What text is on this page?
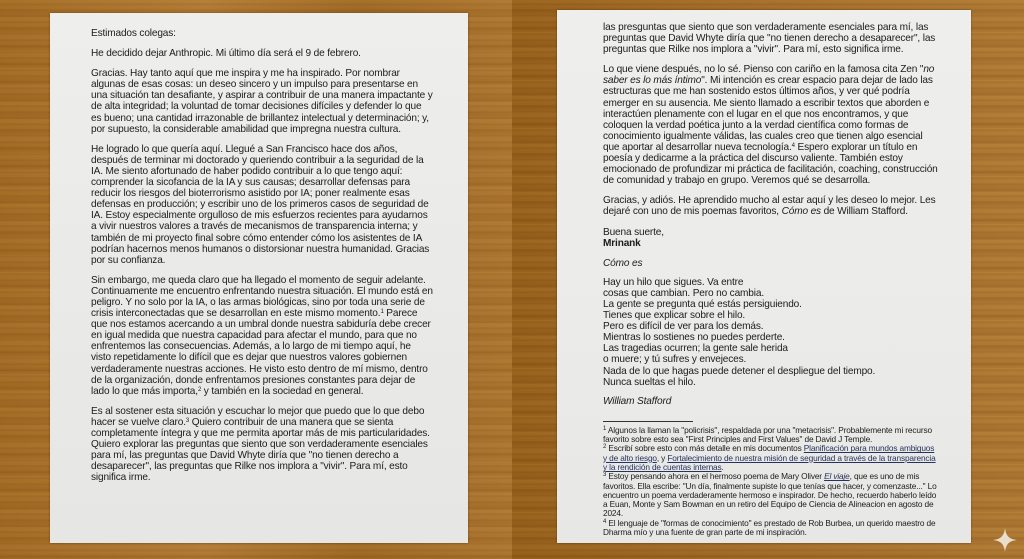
Estimados colegas:

He decidido dejar Anthropic. Mi último día será el 9 de febrero.

Gracias. Hay tanto aquí que me inspira y me ha inspirado. Por nombrar algunas de esas cosas: un deseo sincero y un impulso para presentarse en una situación tan desafiante, y aspirar a contribuir de una manera impactante y de alta integridad; la voluntad de tomar decisiones difíciles y defender lo que es bueno; una cantidad irrazonable de brillantez intelectual y determinación; y, por supuesto, la considerable amabilidad que impregna nuestra cultura.

He logrado lo que quería aquí. Llegué a San Francisco hace dos años, después de terminar mi doctorado y queriendo contribuir a la seguridad de la IA. Me siento afortunado de haber podido contribuir a lo que tengo aquí: comprender la sicofancia de la IA y sus causas; desarrollar defensas para reducir los riesgos del bioterrorismo asistido por IA; poner realmente esas defensas en producción; y escribir uno de los primeros casos de seguridad de IA. Estoy especialmente orgulloso de mis esfuerzos recientes para ayudarnos a vivir nuestros valores a través de mecanismos de transparencia interna; y también de mi proyecto final sobre cómo entender cómo los asistentes de IA podrían hacernos menos humanos o distorsionar nuestra humanidad. Gracias por su confianza.

Sin embargo, me queda claro que ha llegado el momento de seguir adelante. Continuamente me encuentro enfrentando nuestra situación. El mundo está en peligro. Y no solo por la IA, o las armas biológicas, sino por toda una serie de crisis interconectadas que se desarrollan en este mismo momento.$^1$ Parece que nos estamos acercando a un umbral donde nuestra sabiduría debe crecer en igual medida que nuestra capacidad para afectar el mundo, para que no enfrentemos las consecuencias. Además, a lo largo de mi tiempo aquí, he visto repetidamente lo difícil que es dejar que nuestros valores gobiernen verdaderamente nuestras acciones. He visto esto dentro de mí mismo, dentro de la organización, donde enfrentamos presiones constantes para dejar de lado lo que más importa,$^2$ y también en la sociedad en general.

Es al sostener esta situación y escuchar lo mejor que puedo que lo que debo hacer se vuelve claro.$^3$ Quiero contribuir de una manera que se sienta completamente íntegra y que me permita aportar más de mis particularidades. Quiero explorar las preguntas que siento que son verdaderamente esenciales para mí, las preguntas que David Whyte diría que "no tienen derecho a desaparecer", las preguntas que Rilke nos implora a "vivir". Para mí, esto significa irme.

las presguntas que siento que son verdaderamente esenciales para mí, las preguntas que David Whyte diría que "no tienen derecho a desaparecer", las preguntas que Rilke nos implora a "vivir". Para mí, esto significa irme.

Lo que viene después, no lo sé. Pienso con cariño en la famosa cita Zen "no saber es lo más íntimo". Mi intención es crear espacio para dejar de lado las estructuras que me han sostenido estos últimos años, y ver qué podría emerger en su ausencia. Me siento llamado a escribir textos que aborden e interactúen plenamente con el lugar en el que nos encontramos, y que coloquen la verdad poética junto a la verdad científica como formas de conocimiento igualmente válidas, las cuales creo que tienen algo esencial que aportar al desarrollar nueva tecnología.$^4$ Espero explorar un título en poesía y dedicarme a la práctica del discurso valiente. También estoy emocionado de profundizar mi práctica de facilitación, coaching, construcción de comunidad y trabajo en grupo. Veremos qué se desarrolla.

Gracias, y adiós. He aprendido mucho al estar aquí y les deseo lo mejor. Les dejaré con uno de mis poemas favoritos, Cómo es de William Stafford.

Buena suerte,
Mrinank
Cómo es
Hay un hilo que sigues. Va entre
cosas que cambian. Pero no cambia.
La gente se pregunta qué estás persiguiendo.
Tienes que explicar sobre el hilo.
Pero es difícil de ver para los demás.
Mientras lo sostienes no puedes perderte.
Las tragedias ocurren; la gente sale herida
o muere; y tú sufres y envejeces.
Nada de lo que hagas puede detener el despliegue del tiempo.
Nunca sueltas el hilo.
William Stafford
$^1$ Algunos la llaman la "policrisis", respaldada por una "metacrisis". Probablemente mi recurso favorito sobre esto sea "First Principles and First Values" de David J Temple.
$^2$ Escribí sobre esto con más detalle en mis documentos Planificación para mundos ambiguos y de alto riesgo, y Fortalecimiento de nuestra misión de seguridad a través de la transparencia y la rendición de cuentas internas.
$^3$ Estoy pensando ahora en el hermoso poema de Mary Oliver El viaje, que es uno de mis favoritos. Ella escribe: "Un día, finalmente supiste lo que tenías que hacer, y comenzaste..." Lo encuentro un poema verdaderamente hermoso e inspirador. De hecho, recuerdo haberlo leído a Euan, Monte y Sam Bowman en un retiro del Equipo de Ciencia de Alineacion en agosto de 2024.
$^4$ El lenguaje de "formas de conocimiento" es prestado de Rob Burbea, un querido maestro de Dharma mío y una fuente de gran parte de mi inspiración.
